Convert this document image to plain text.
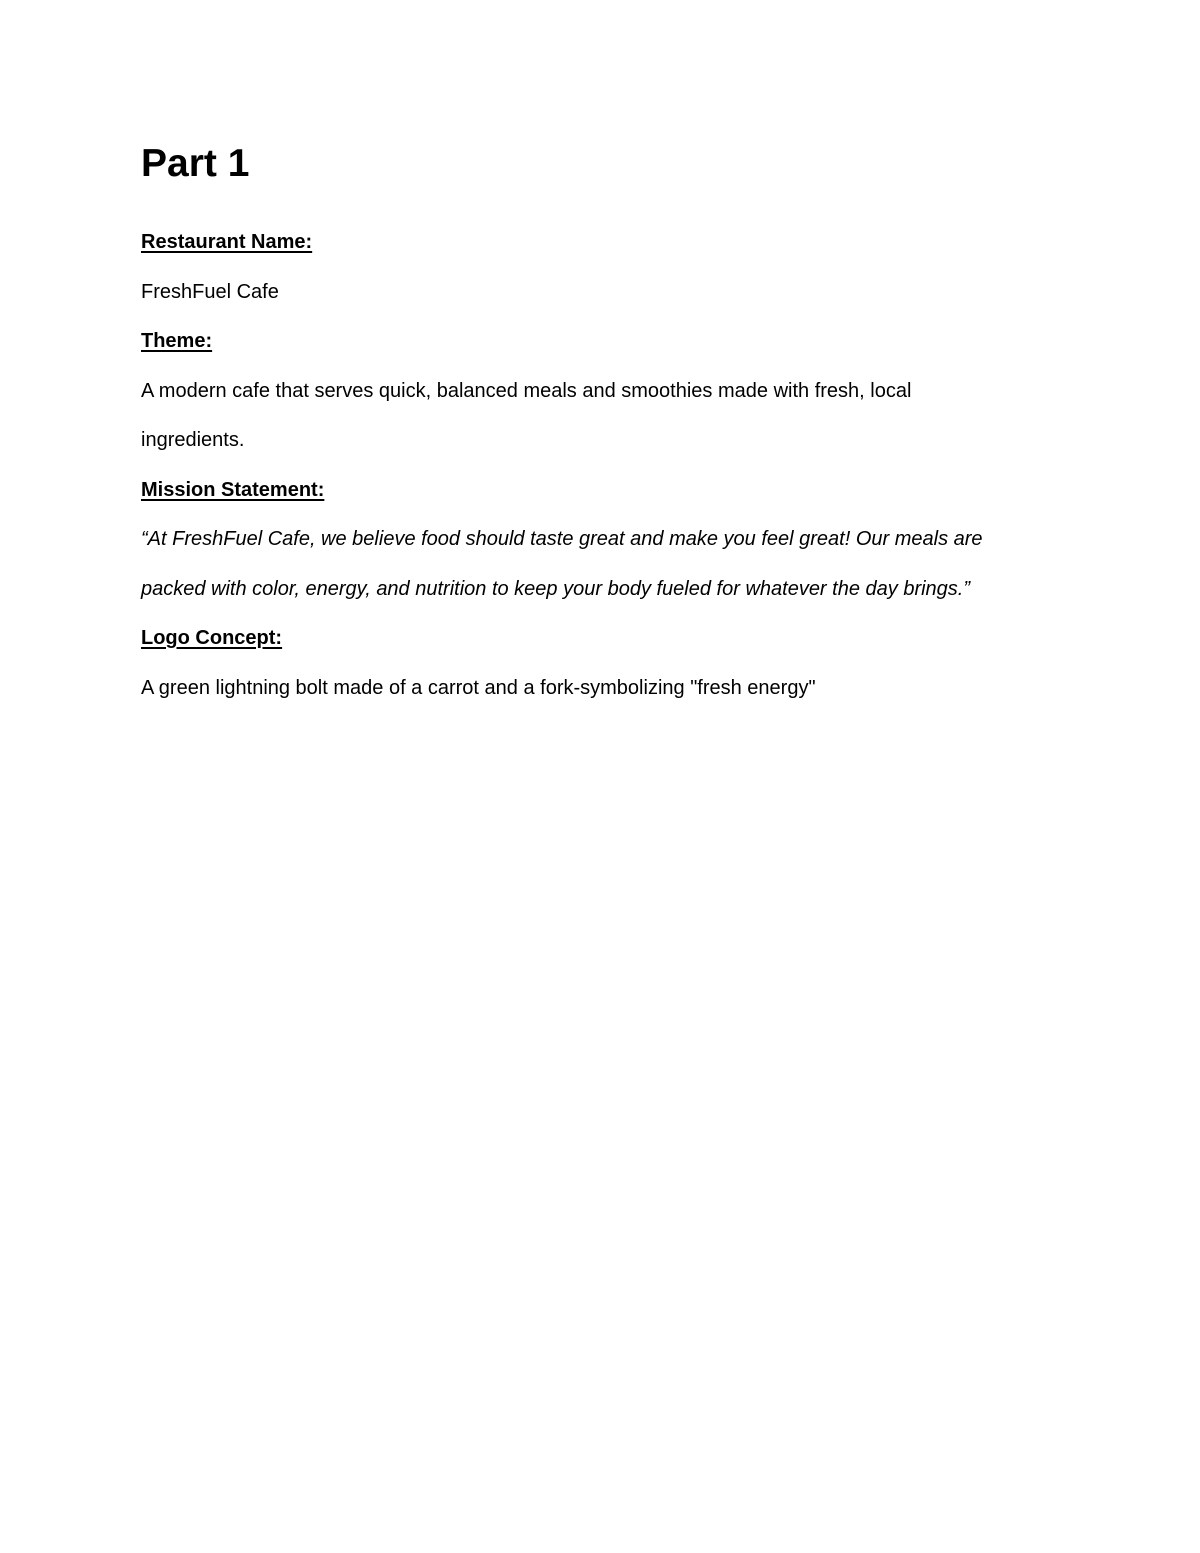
Part 1
Restaurant Name:
FreshFuel Cafe
Theme:
A modern cafe that serves quick, balanced meals and smoothies made with fresh, local
ingredients.
Mission Statement:
“At FreshFuel Cafe, we believe food should taste great and make you feel great! Our meals are
packed with color, energy, and nutrition to keep your body fueled for whatever the day brings.”
Logo Concept:
A green lightning bolt made of a carrot and a fork-symbolizing "fresh energy"
